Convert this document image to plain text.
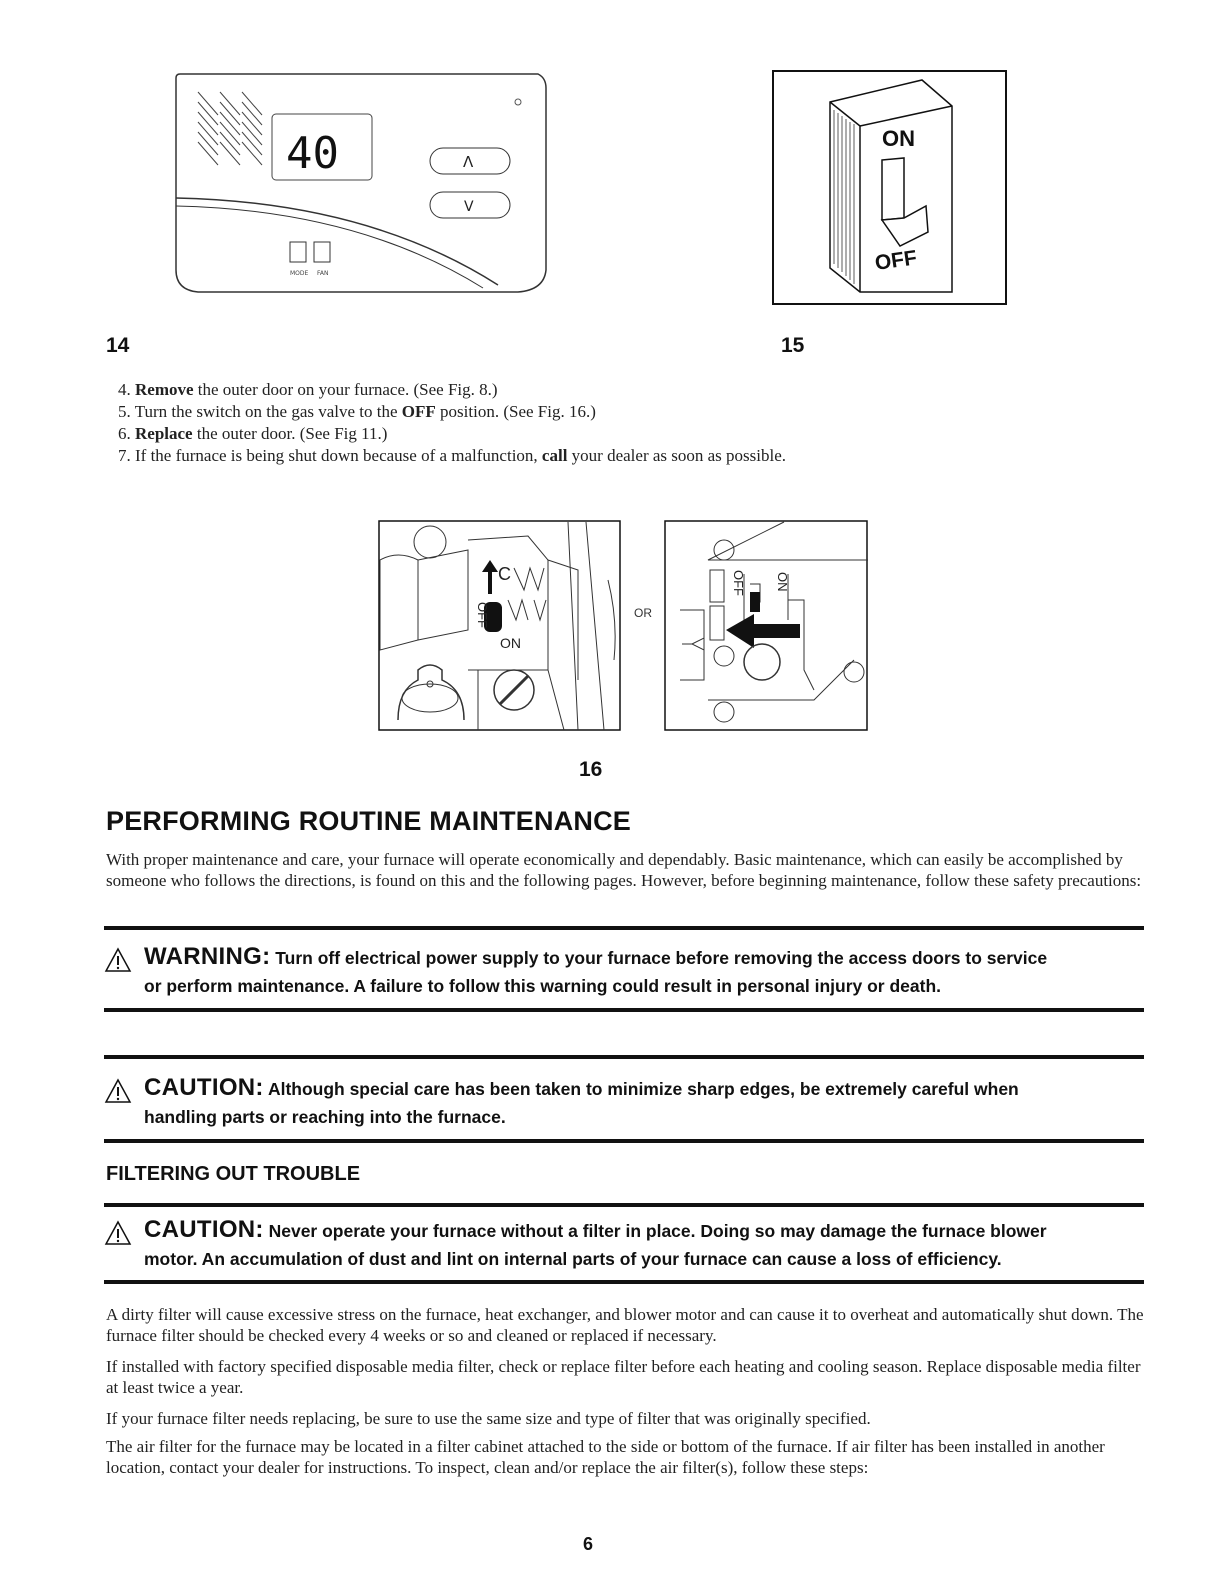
40	Λ
V
MODE FAN
14
ON
OFF
15
4. Remove the outer door on your furnace. (See Fig. 8.)
5. Turn the switch on the gas valve to the OFF position. (See Fig. 16.)
6. Replace the outer door. (See Fig 11.)
7. If the furnace is being shut down because of a malfunction, call your dealer as soon as possible.
C
OFF
ON
OR
OFF ON
16
PERFORMING ROUTINE MAINTENANCE
With proper maintenance and care, your furnace will operate economically and dependably. Basic maintenance, which can easily be accomplished by someone who follows the directions, is found on this and the following pages. However, before beginning maintenance, follow these safety precautions:
WARNING: Turn off electrical power supply to your furnace before removing the access doors to service
or perform maintenance. A failure to follow this warning could result in personal injury or death.
CAUTION: Although special care has been taken to minimize sharp edges, be extremely careful when
handling parts or reaching into the furnace.
FILTERING OUT TROUBLE
CAUTION: Never operate your furnace without a filter in place. Doing so may damage the furnace blower
motor. An accumulation of dust and lint on internal parts of your furnace can cause a loss of efficiency.
A dirty filter will cause excessive stress on the furnace, heat exchanger, and blower motor and can cause it to overheat and automatically shut down. The furnace filter should be checked every 4 weeks or so and cleaned or replaced if necessary.
If installed with factory specified disposable media filter, check or replace filter before each heating and cooling season. Replace disposable media filter at least twice a year.
If your furnace filter needs replacing, be sure to use the same size and type of filter that was originally specified.
The air filter for the furnace may be located in a filter cabinet attached to the side or bottom of the furnace. If air filter has been installed in another location, contact your dealer for instructions. To inspect, clean and/or replace the air filter(s), follow these steps:
6
